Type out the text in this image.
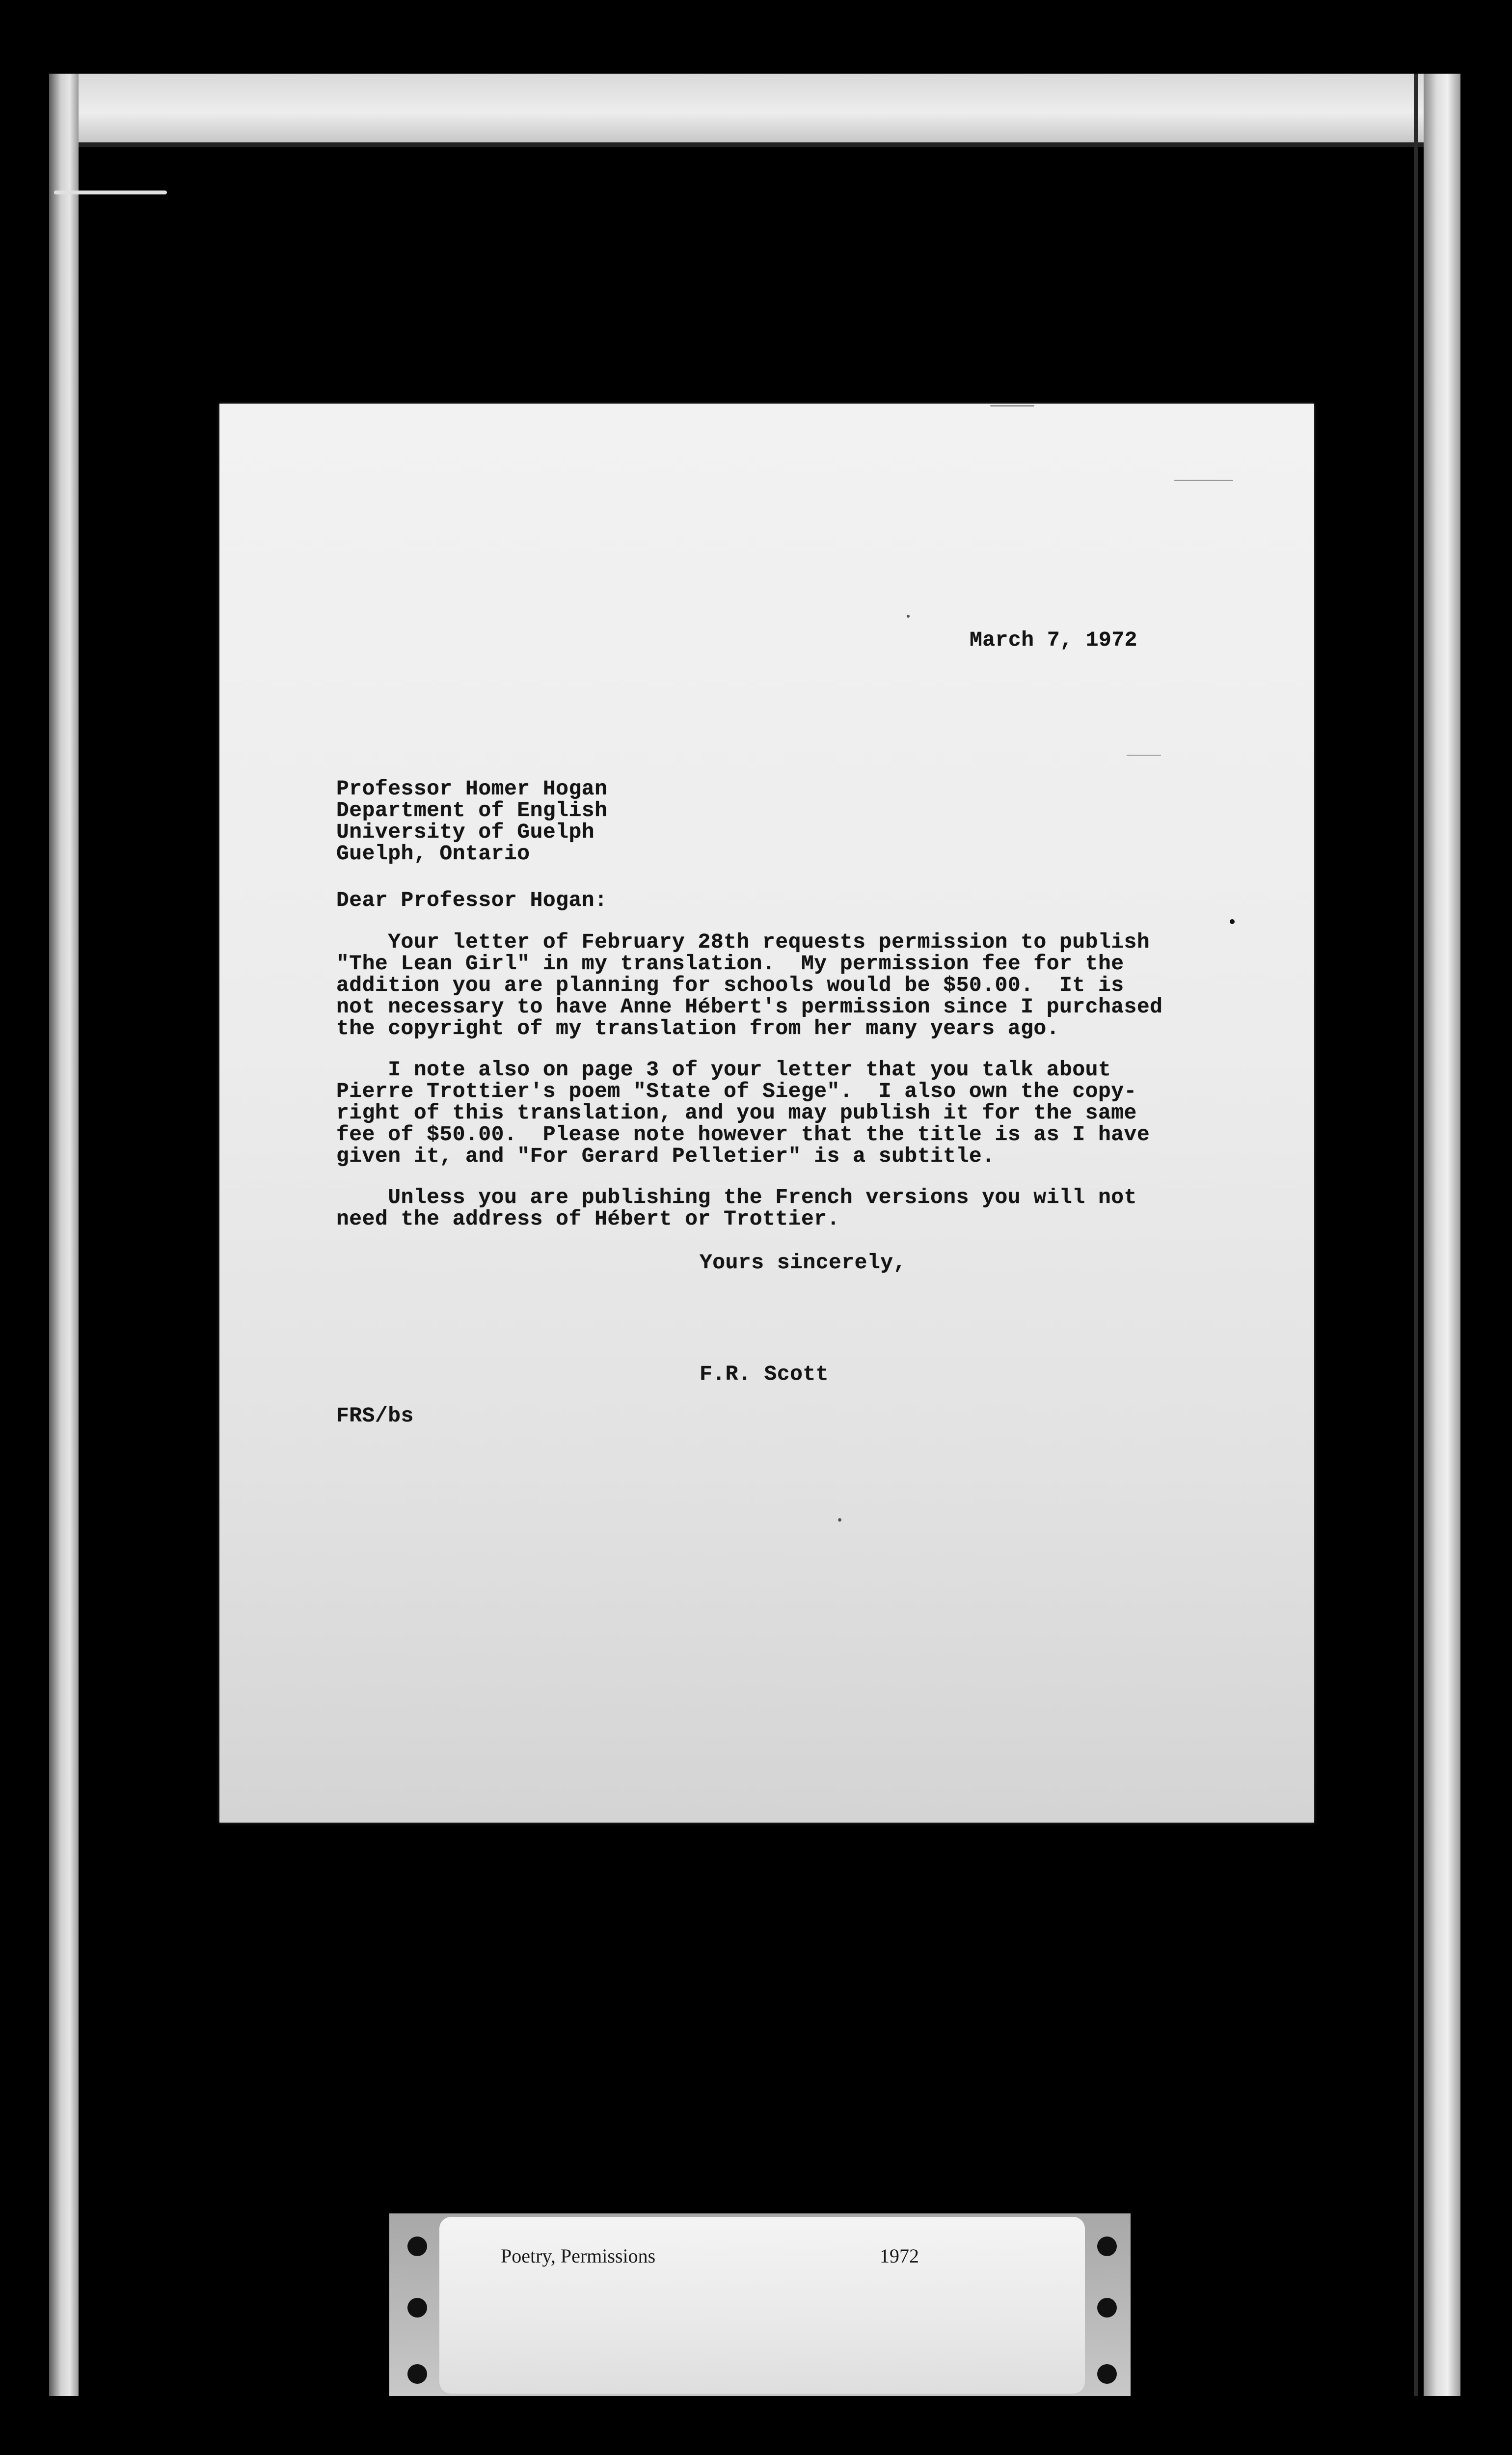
March 7, 1972
Professor Homer Hogan
Department of English
University of Guelph
Guelph, Ontario
Dear Professor Hogan:
Your letter of February 28th requests permission to publish
"The Lean Girl" in my translation.  My permission fee for the
addition you are planning for schools would be $50.00.  It is
not necessary to have Anne Hébert's permission since I purchased
the copyright of my translation from her many years ago.
I note also on page 3 of your letter that you talk about
Pierre Trottier's poem "State of Siege".  I also own the copy-
right of this translation, and you may publish it for the same
fee of $50.00.  Please note however that the title is as I have
given it, and "For Gerard Pelletier" is a subtitle.
Unless you are publishing the French versions you will not
need the address of Hébert or Trottier.
Yours sincerely,
F.R. Scott
FRS/bs
Poetry, Permissions	1972
